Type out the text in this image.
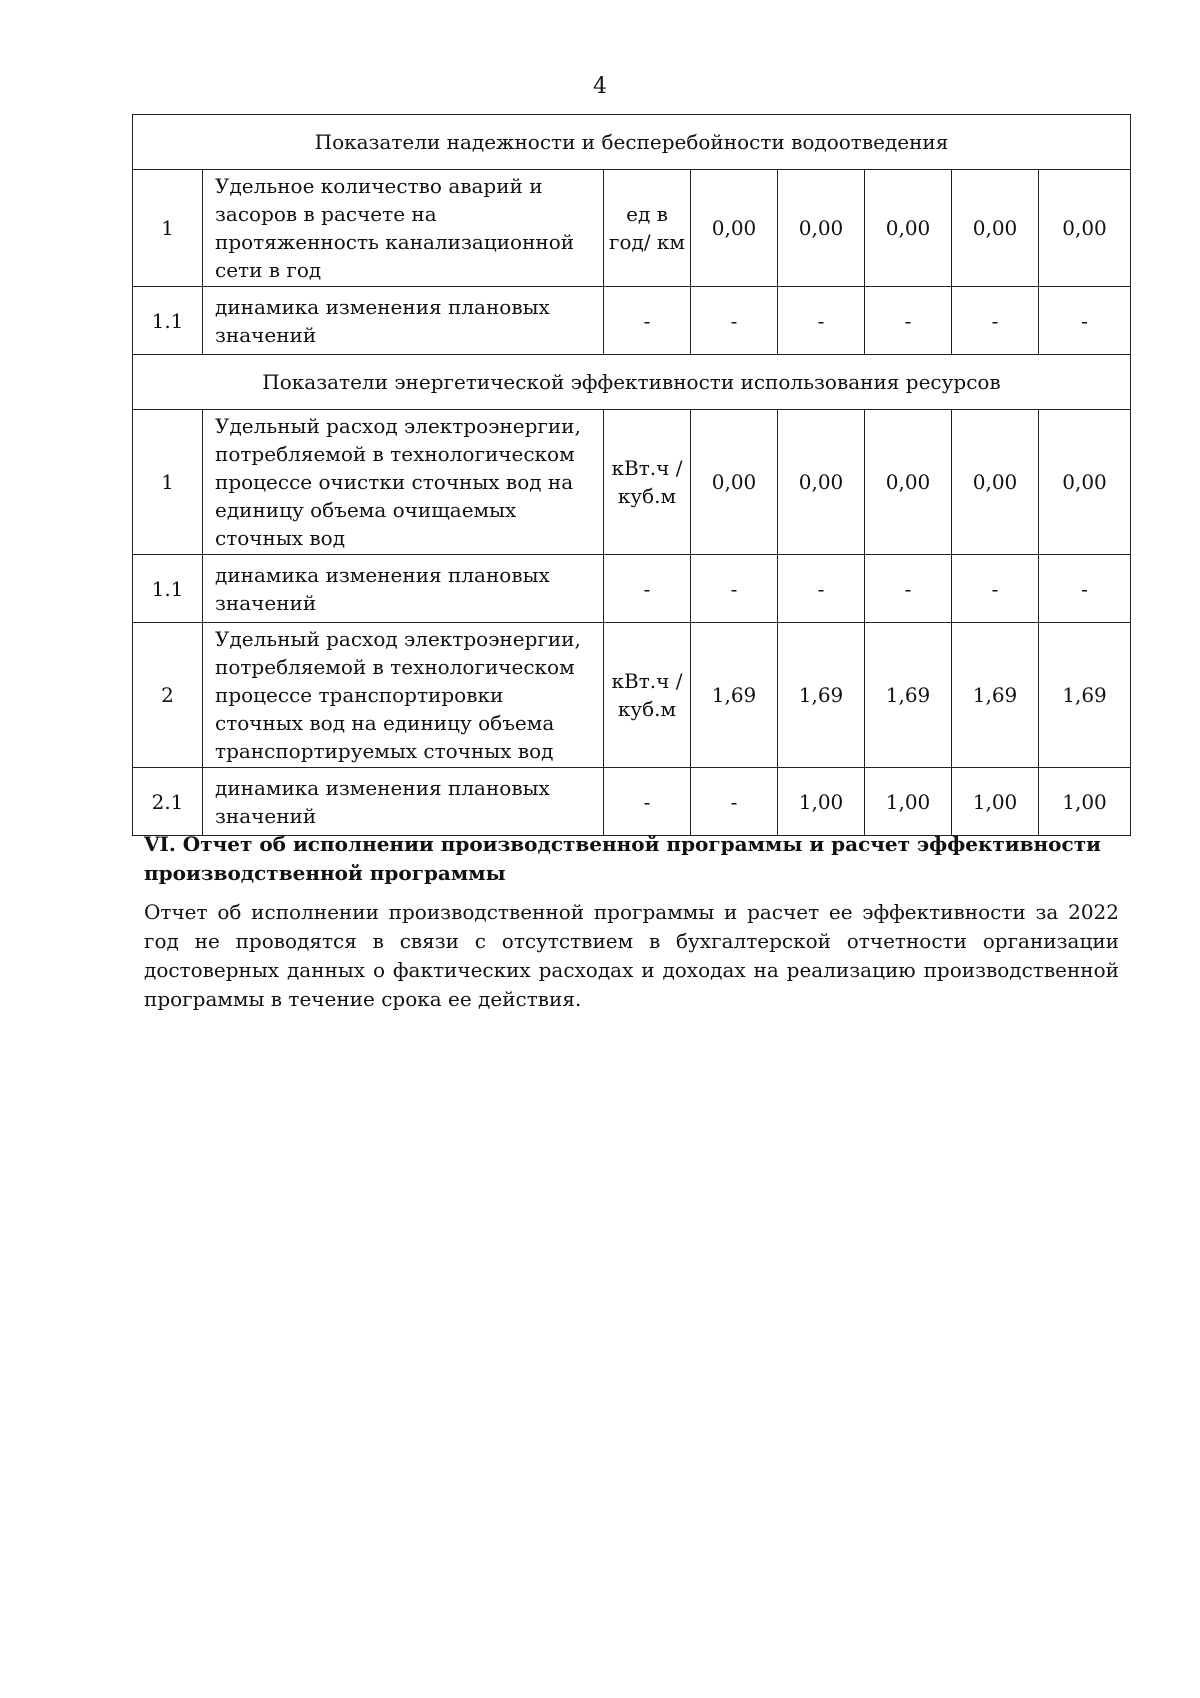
4
Показатели надежности и бесперебойности водоотведения							
1	Удельное количество аварий и засоров в расчете на протяженность канализационной сети в год	ед в год/ км	0,00	0,00	0,00	0,00	0,00
1.1	динамика изменения плановых значений	-	-	-	-	-	-
Показатели энергетической эффективности использования ресурсов							
1	Удельный расход электроэнергии, потребляемой в технологическом процессе очистки сточных вод на единицу объема очищаемых сточных вод	кВт.ч / куб.м	0,00	0,00	0,00	0,00	0,00
1.1	динамика изменения плановых значений	-	-	-	-	-	-
2	Удельный расход электроэнергии, потребляемой в технологическом процессе транспортировки сточных вод на единицу объема транспортируемых сточных вод	кВт.ч / куб.м	1,69	1,69	1,69	1,69	1,69
2.1	динамика изменения плановых значений	-	-	1,00	1,00	1,00	1,00
VI. Отчет об исполнении производственной программы и расчет эффективности производственной программы
Отчет об исполнении производственной программы и расчет ее эффективности за 2022 год не проводятся в связи с отсутствием в бухгалтерской отчетности организации достоверных данных о фактических расходах и доходах на реализацию производственной программы в течение срока ее действия.
